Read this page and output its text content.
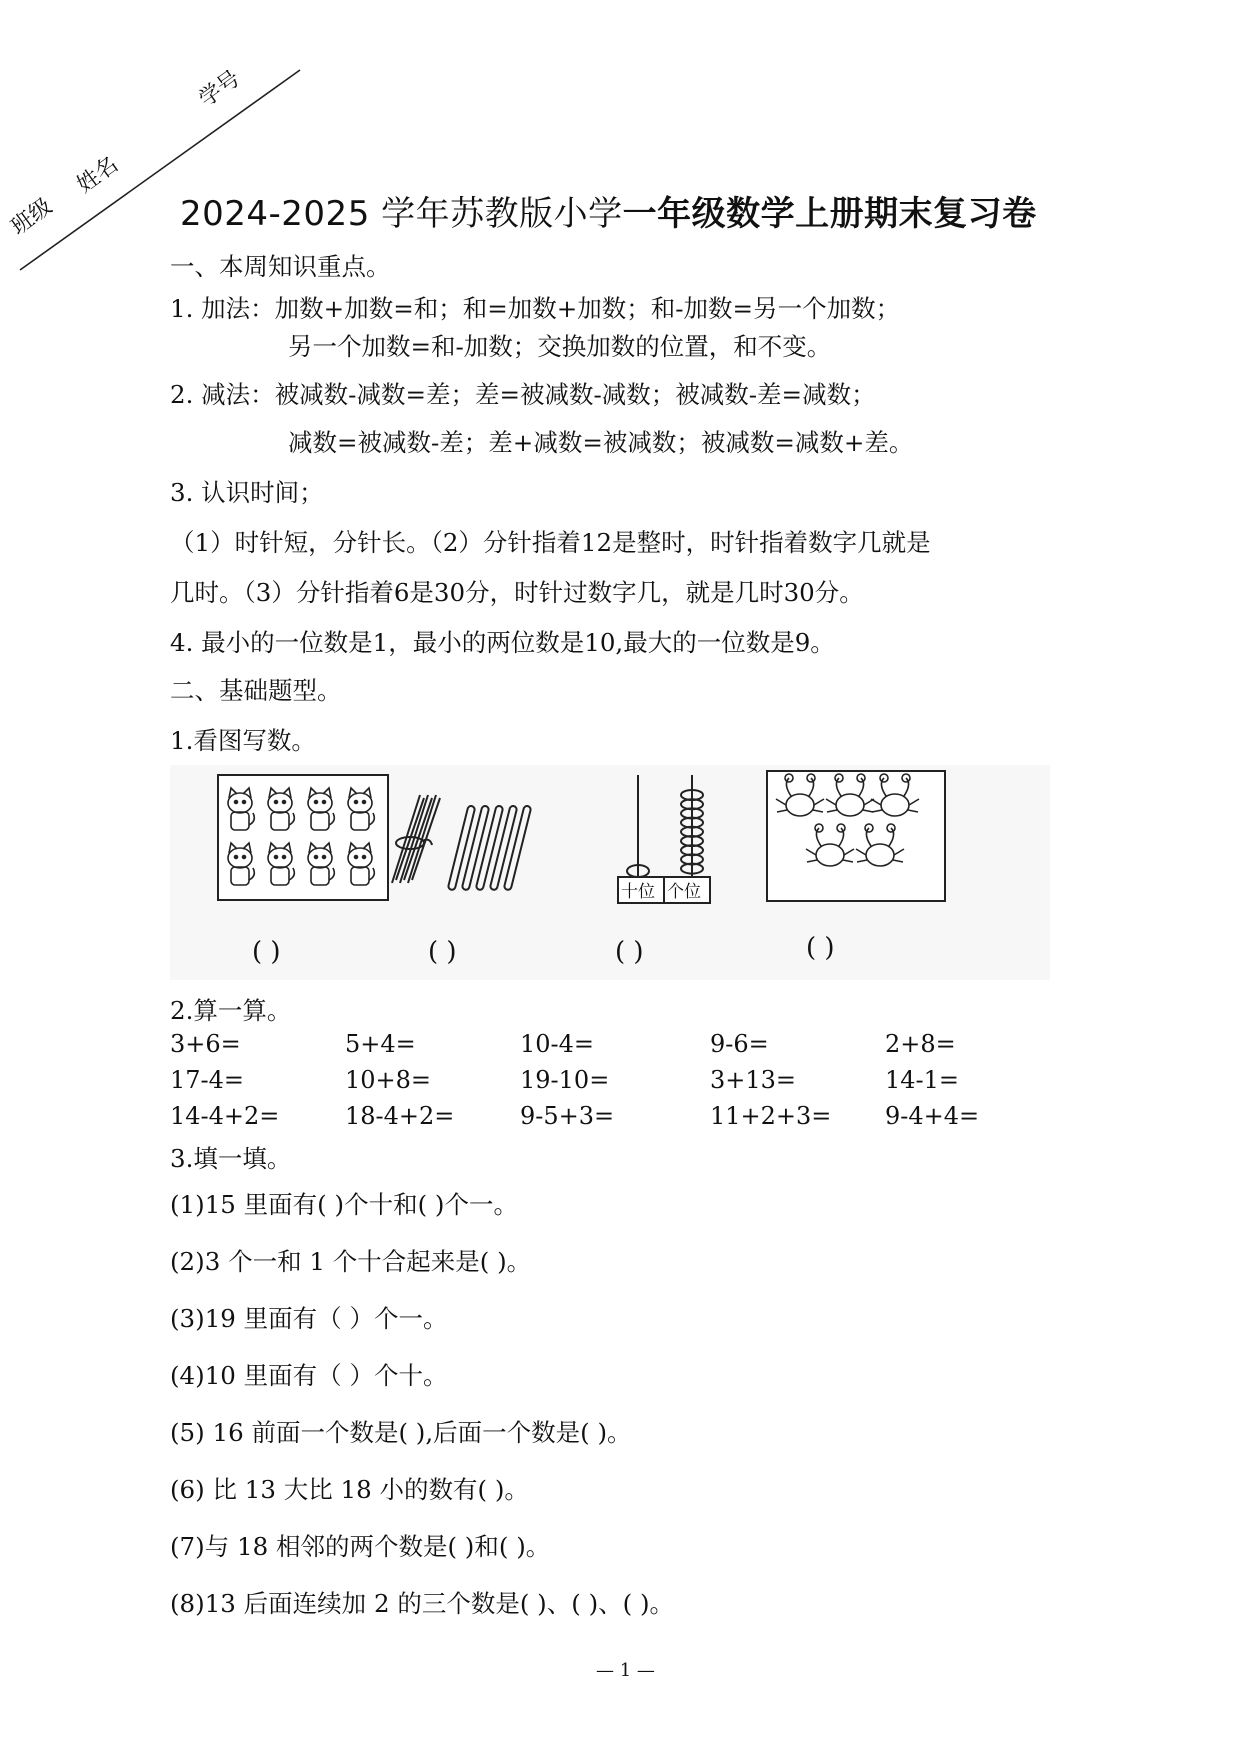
班级
姓名
学号
2024-2025 学年苏教版小学一年级数学上册期末复习卷
一、本周知识重点。
1. 加法：加数+加数=和；和=加数+加数；和-加数=另一个加数；
另一个加数=和-加数；交换加数的位置，和不变。
2. 减法：被减数-减数=差；差=被减数-减数；被减数-差=减数；
减数=被减数-差；差+减数=被减数；被减数=减数+差。
3. 认识时间；
（1）时针短，分针长。（2）分针指着12是整时，时针指着数字几就是
几时。（3）分针指着6是30分，时针过数字几，就是几时30分。
4. 最小的一位数是1，最小的两位数是10,最大的一位数是9。
二、基础题型。
1.看图写数。
十位 个位
( )	( )	( )	( )
2.算一算。
3+6=	5+4=	10-4=	9-6=	2+8=
17-4=	10+8=	19-10=	3+13=	14-1=
14-4+2=	18-4+2=	9-5+3=	11+2+3= 9-4+4=
3.填一填。
(1)15 里面有( )个十和( )个一。
(2)3 个一和 1 个十合起来是( )。
(3)19 里面有（ ）个一。
(4)10 里面有（ ）个十。
(5) 16 前面一个数是( ),后面一个数是( )。
(6) 比 13 大比 18 小的数有( )。
(7)与 18 相邻的两个数是( )和( )。
(8)13 后面连续加 2 的三个数是( )、( )、( )。
— 1 —
